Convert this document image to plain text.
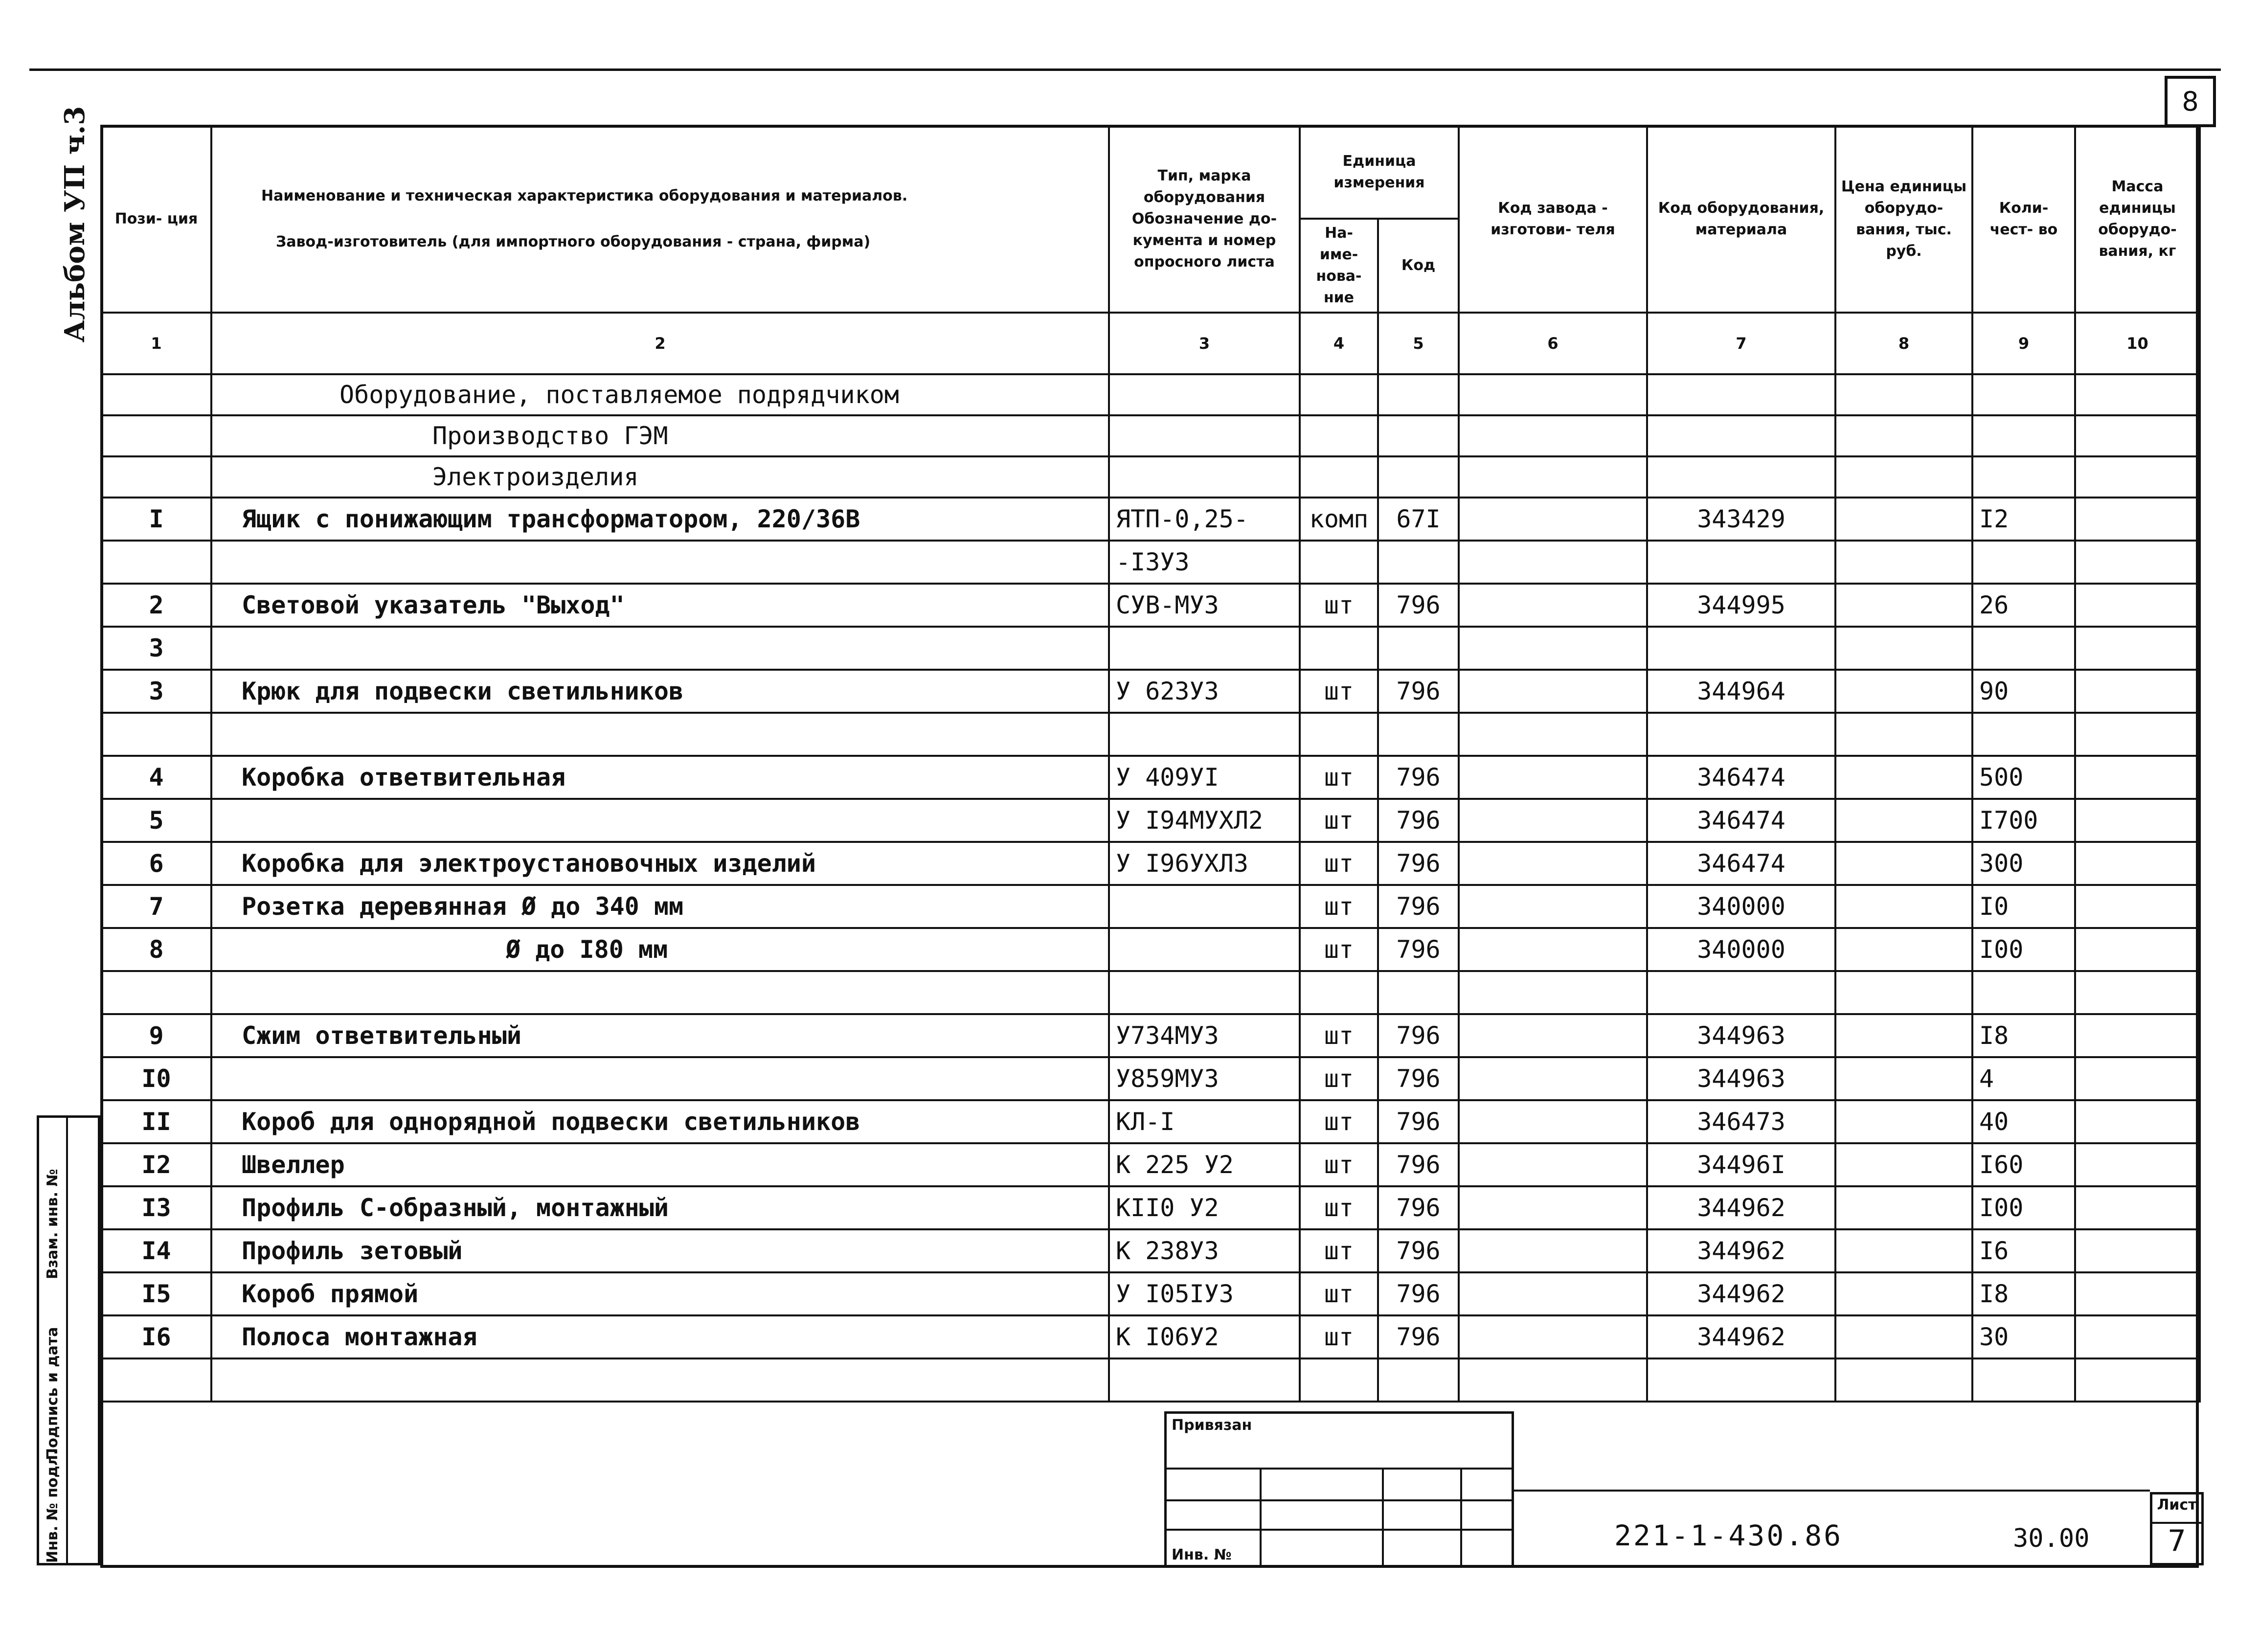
8
Альбом УП ч.3 Пози- ция	Наименование и техническая характеристика оборудования и материалов.
Завод-изготовитель (для импортного оборудования - страна, фирма)	Тип, марка оборудования Обозначение до- кумента и номер опросного листа	Единица измерения		Код завода - изготови- теля	Код оборудования, материала	Цена единицы оборудо- вания, тыс. руб.	Коли- чест- во	Масса единицы оборудо- вания, кг
			На- име- нова- ние	Код					
1	2	3	4	5	6	7	8	9	10
	Оборудование, поставляемое подрядчиком								
	Производство ГЭМ								
	Электроизделия								
I	Ящик с понижающим трансформатором, 220/36В	ЯТП-0,25-	комп	67I		343429		I2	
		-I3У3							
2	Световой указатель "Выход"	СУВ-МУ3	шт	796		344995		26	
3									
3	Крюк для подвески светильников	У 623У3	шт	796		344964		90	

4	Коробка ответвительная	У 409УI	шт	796		346474		500	
5		У I94МУХЛ2	шт	796		346474		I700	
6	Коробка для электроустановочных изделий	У I96УХЛ3	шт	796		346474		300	
7	Розетка деревянная Ø до 340 мм		шт	796		340000		I0	
8	Ø до I80 мм		шт	796		340000		I00	

9	Сжим ответвительный	У734МУ3	шт	796		344963		I8	
I0		У859МУ3	шт	796		344963		4	
II	Короб для однорядной подвески светильников	КЛ-I	шт	796		346473		40	
I2	Швеллер	К 225 У2	шт	796		34496I		I60	
I3	Профиль С-образный, монтажный	КII0 У2	шт	796		344962		I00	
I4	Профиль зетовый	К 238У3	шт	796		344962		I6	
I5	Короб прямой	У I05IУ3	шт	796		344962		I8	
I6	Полоса монтажная	К I06У2	шт	796		344962		30	

Инв. № подл.
Подпись и дата
Взам. инв. №
Привязан
Инв. №
221-1-430.86	30.00
Лист
7
